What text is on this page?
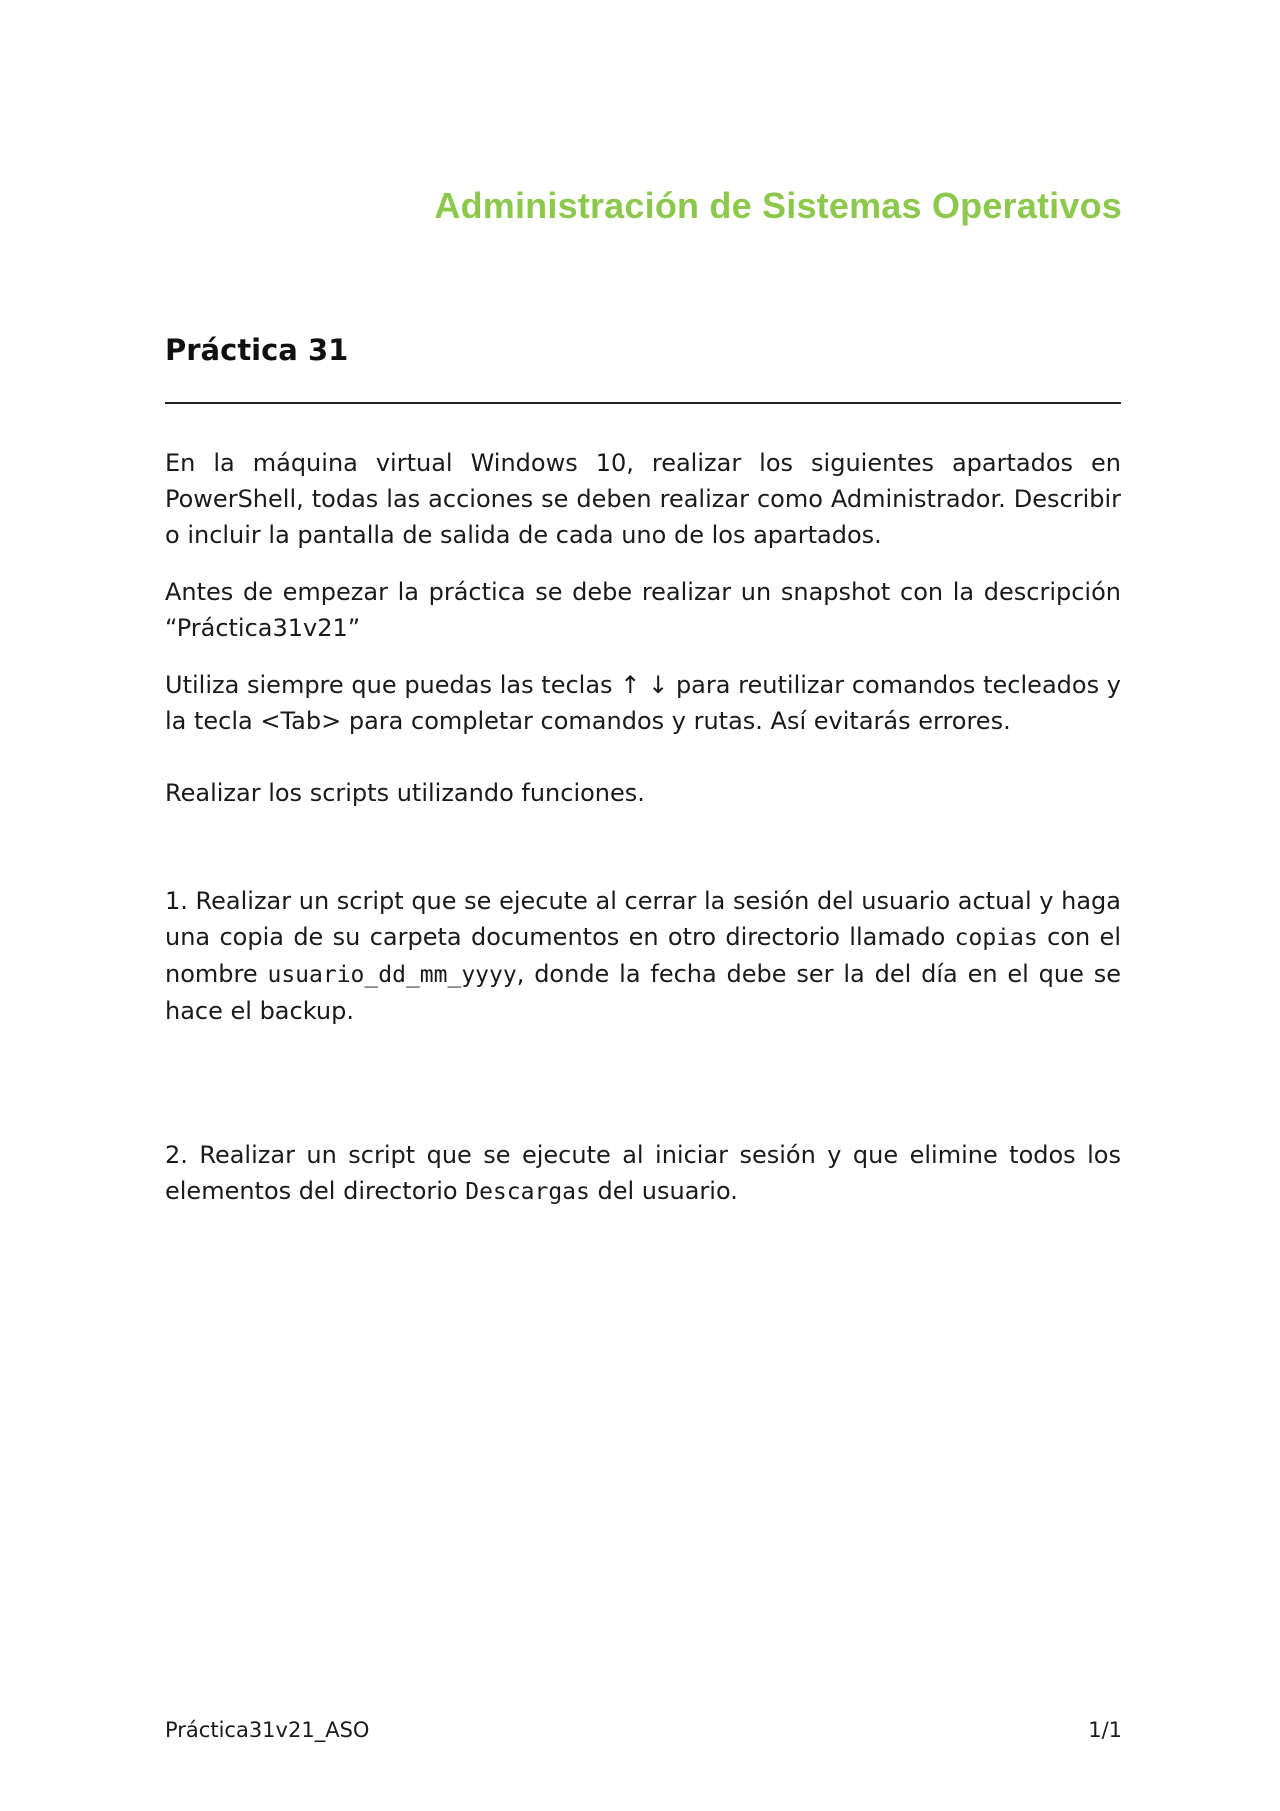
Administración de Sistemas Operativos
Práctica 31

En la máquina virtual Windows 10, realizar los siguientes apartados en PowerShell, todas las acciones se deben realizar como Administrador. Describir o incluir la pantalla de salida de cada uno de los apartados.

Antes de empezar la práctica se debe realizar un snapshot con la descripción “Práctica31v21”

Utiliza siempre que puedas las teclas ↑ ↓ para reutilizar comandos tecleados y la tecla <Tab> para completar comandos y rutas. Así evitarás errores.

Realizar los scripts utilizando funciones.

1. Realizar un script que se ejecute al cerrar la sesión del usuario actual y haga una copia de su carpeta documentos en otro directorio llamado copias con el nombre usuario_dd_mm_yyyy, donde la fecha debe ser la del día en el que se hace el backup.

2. Realizar un script que se ejecute al iniciar sesión y que elimine todos los elementos del directorio Descargas del usuario.

Práctica31v21_ASO	1/1
